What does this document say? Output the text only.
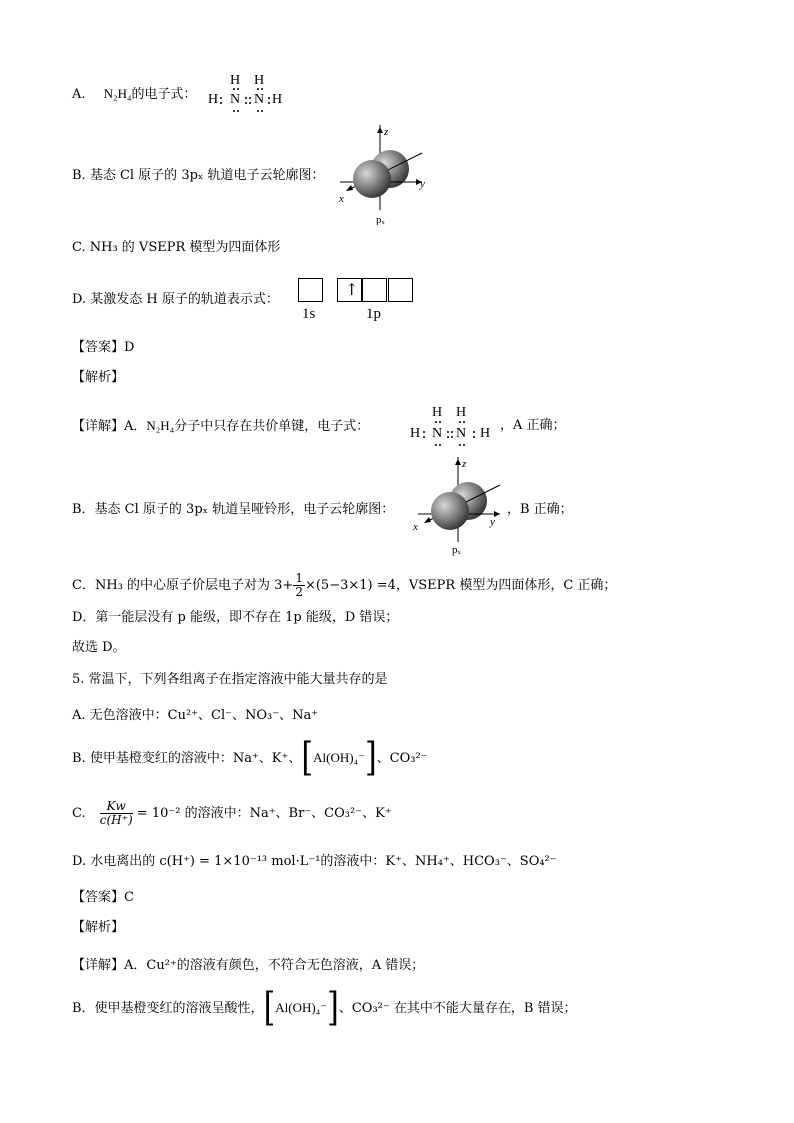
A. N₂H₄的电子式：
H H
H N N H
B. 基态 Cl 原子的 3pₓ 轨道电子云轮廓图：
z
y
x
pₓ
C. NH₃ 的 VSEPR 模型为四面体形
D. 某激发态 H 原子的轨道表示式：
↑
1s	1p
【答案】D
【解析】
【详解】A．N₂H₄分子中只存在共价单键，电子式：
H H
H N N H
，A 正确；
B．基态 Cl 原子的 3pₓ 轨道呈哑铃形，电子云轮廓图：
z
y
x
pₓ
，B 正确；
C．NH₃ 的中心原子价层电子对为 $3+ \frac{1}{2} \times(5-3\times 1) =4$，VSEPR 模型为四面体形，C 正确；
D．第一能层没有 p 能级，即不存在 1p 能级，D 错误；
故选 D。
5. 常温下，下列各组离子在指定溶液中能大量共存的是
A. 无色溶液中：Cu²⁺、Cl⁻、NO₃⁻、Na⁺
B. 使甲基橙变红的溶液中：Na⁺、K⁺、[Al(OH)₄⁻]、CO₃²⁻
C. $\frac{Kw}{c(H^+)} = 10^{-2}$ 的溶液中：Na⁺、Br⁻、CO₃²⁻、K⁺
D. 水电离出的 c(H⁺) = 1×10⁻¹³ mol·L⁻¹的溶液中：K⁺、NH₄⁺、HCO₃⁻、SO₄²⁻
【答案】C
【解析】
【详解】A．Cu²⁺的溶液有颜色，不符合无色溶液，A 错误；
B．使甲基橙变红的溶液呈酸性，[Al(OH)₄⁻]、CO₃²⁻ 在其中不能大量存在，B 错误；
